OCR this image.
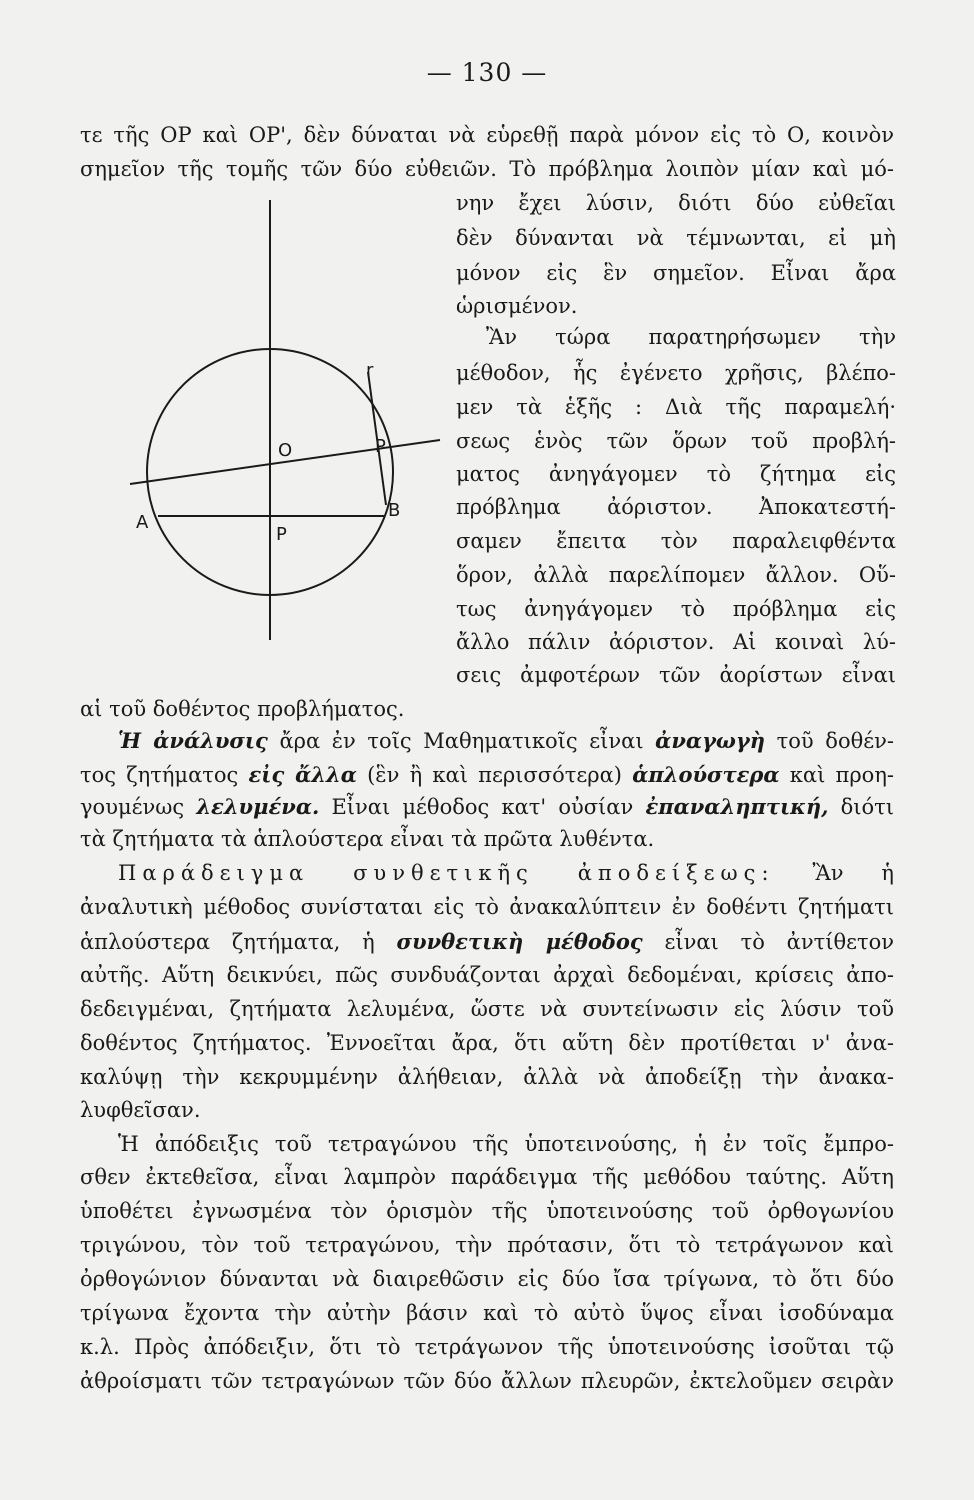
— 130 —
τε τῆς ΟΡ καὶ ΟΡ', δὲν δύναται νὰ εὑρεθῇ παρὰ μόνον εἰς τὸ Ο, κοινὸν
σημεῖον τῆς τομῆς τῶν δύο εὐθειῶν. Τὸ πρόβλημα λοιπὸν μίαν καὶ μό-
νην ἔχει λύσιν, διότι δύο εὐθεῖαι
δὲν δύνανται νὰ τέμνωνται, εἰ μὴ
μόνον εἰς ἓν σημεῖον. Εἶναι ἄρα
ὡρισμένον.
Ἂν τώρα παρατηρήσωμεν τὴν
μέθοδον, ἧς ἐγένετο χρῆσις, βλέπο-
μεν τὰ ἑξῆς : Διὰ τῆς παραμελή·
σεως ἑνὸς τῶν ὅρων τοῦ προβλή-
ματος ἀνηγάγομεν τὸ ζήτημα εἰς
πρόβλημα ἀόριστον. Ἀποκατεστή-
σαμεν ἔπειτα τὸν παραλειφθέντα
ὅρον, ἀλλὰ παρελίπομεν ἄλλον. Οὕ-
τως ἀνηγάγομεν τὸ πρόβλημα εἰς
ἄλλο πάλιν ἀόριστον. Αἱ κοιναὶ λύ-
σεις ἀμφοτέρων τῶν ἀορίστων εἶναι
αἱ τοῦ δοθέντος προβλήματος.
Ἡ ἀνάλυσις ἄρα ἐν τοῖς Μαθηματικοῖς εἶναι ἀναγωγὴ τοῦ δοθέν-
τος ζητήματος εἰς ἄλλα (ἓν ἢ καὶ περισσότερα) ἁπλούστερα καὶ προη-
γουμένως λελυμένα. Εἶναι μέθοδος κατ' οὐσίαν ἐπαναληπτική, διότι
τὰ ζητήματα τὰ ἁπλούστερα εἶναι τὰ πρῶτα λυθέντα.
Παράδειγμα συνθετικῆς ἀποδείξεως: Ἂν ἡ
ἀναλυτικὴ μέθοδος συνίσταται εἰς τὸ ἀνακαλύπτειν ἐν δοθέντι ζητήματι
ἁπλούστερα ζητήματα, ἡ συνθετικὴ μέθοδος εἶναι τὸ ἀντίθετον
αὐτῆς. Αὕτη δεικνύει, πῶς συνδυάζονται ἀρχαὶ δεδομέναι, κρίσεις ἀπο-
δεδειγμέναι, ζητήματα λελυμένα, ὥστε νὰ συντείνωσιν εἰς λύσιν τοῦ
δοθέντος ζητήματος. Ἐννοεῖται ἄρα, ὅτι αὕτη δὲν προτίθεται ν' ἀνα-
καλύψῃ τὴν κεκρυμμένην ἀλήθειαν, ἀλλὰ νὰ ἀποδείξῃ τὴν ἀνακα-
λυφθεῖσαν.
Ἡ ἀπόδειξις τοῦ τετραγώνου τῆς ὑποτεινούσης, ἡ ἐν τοῖς ἔμπρο-
σθεν ἐκτεθεῖσα, εἶναι λαμπρὸν παράδειγμα τῆς μεθόδου ταύτης. Αὕτη
ὑποθέτει ἐγνωσμένα τὸν ὁρισμὸν τῆς ὑποτεινούσης τοῦ ὀρθογωνίου
τριγώνου, τὸν τοῦ τετραγώνου, τὴν πρότασιν, ὅτι τὸ τετράγωνον καὶ
ὀρθογώνιον δύνανται νὰ διαιρεθῶσιν εἰς δύο ἴσα τρίγωνα, τὸ ὅτι δύο
τρίγωνα ἔχοντα τὴν αὐτὴν βάσιν καὶ τὸ αὐτὸ ὕψος εἶναι ἰσοδύναμα
κ.λ. Πρὸς ἀπόδειξιν, ὅτι τὸ τετράγωνον τῆς ὑποτεινούσης ἰσοῦται τῷ
ἀθροίσματι τῶν τετραγώνων τῶν δύο ἄλλων πλευρῶν, ἐκτελοῦμεν σειρὰν
O
P
P
r
A
B
